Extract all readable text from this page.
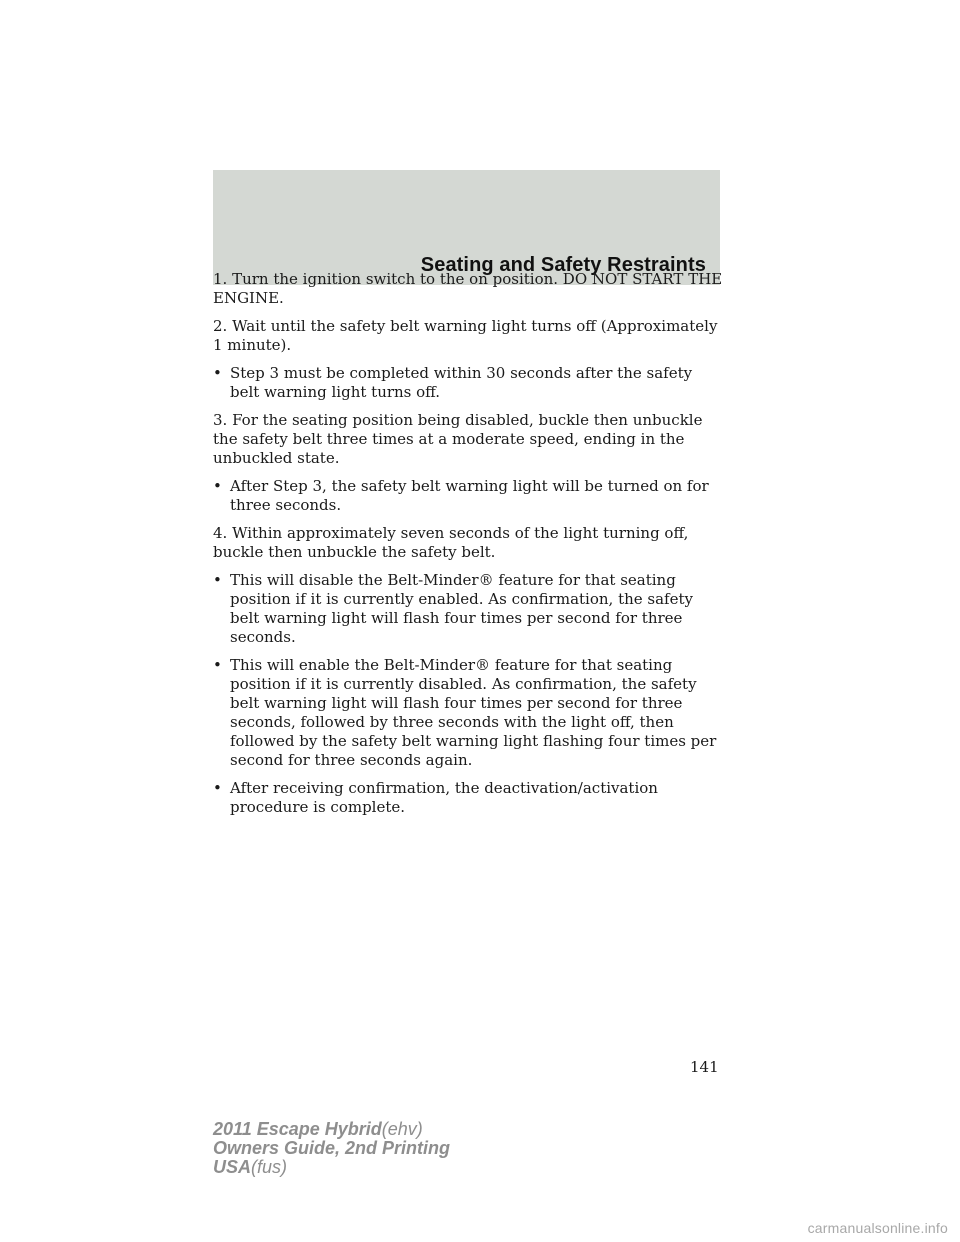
Seating and Safety Restraints

1. Turn the ignition switch to the on position. DO NOT START THE ENGINE.

2. Wait until the safety belt warning light turns off (Approximately 1 minute).

• Step 3 must be completed within 30 seconds after the safety belt warning light turns off.

3. For the seating position being disabled, buckle then unbuckle the safety belt three times at a moderate speed, ending in the unbuckled state.

• After Step 3, the safety belt warning light will be turned on for three seconds.

4. Within approximately seven seconds of the light turning off, buckle then unbuckle the safety belt.

• This will disable the Belt-Minder® feature for that seating position if it is currently enabled. As confirmation, the safety belt warning light will flash four times per second for three seconds.
• This will enable the Belt-Minder® feature for that seating position if it is currently disabled. As confirmation, the safety belt warning light will flash four times per second for three seconds, followed by three seconds with the light off, then followed by the safety belt warning light flashing four times per second for three seconds again.
• After receiving confirmation, the deactivation/activation procedure is complete.
141
2011 Escape Hybrid(ehv)
Owners Guide, 2nd Printing
USA(fus)
carmanualsonline.info
